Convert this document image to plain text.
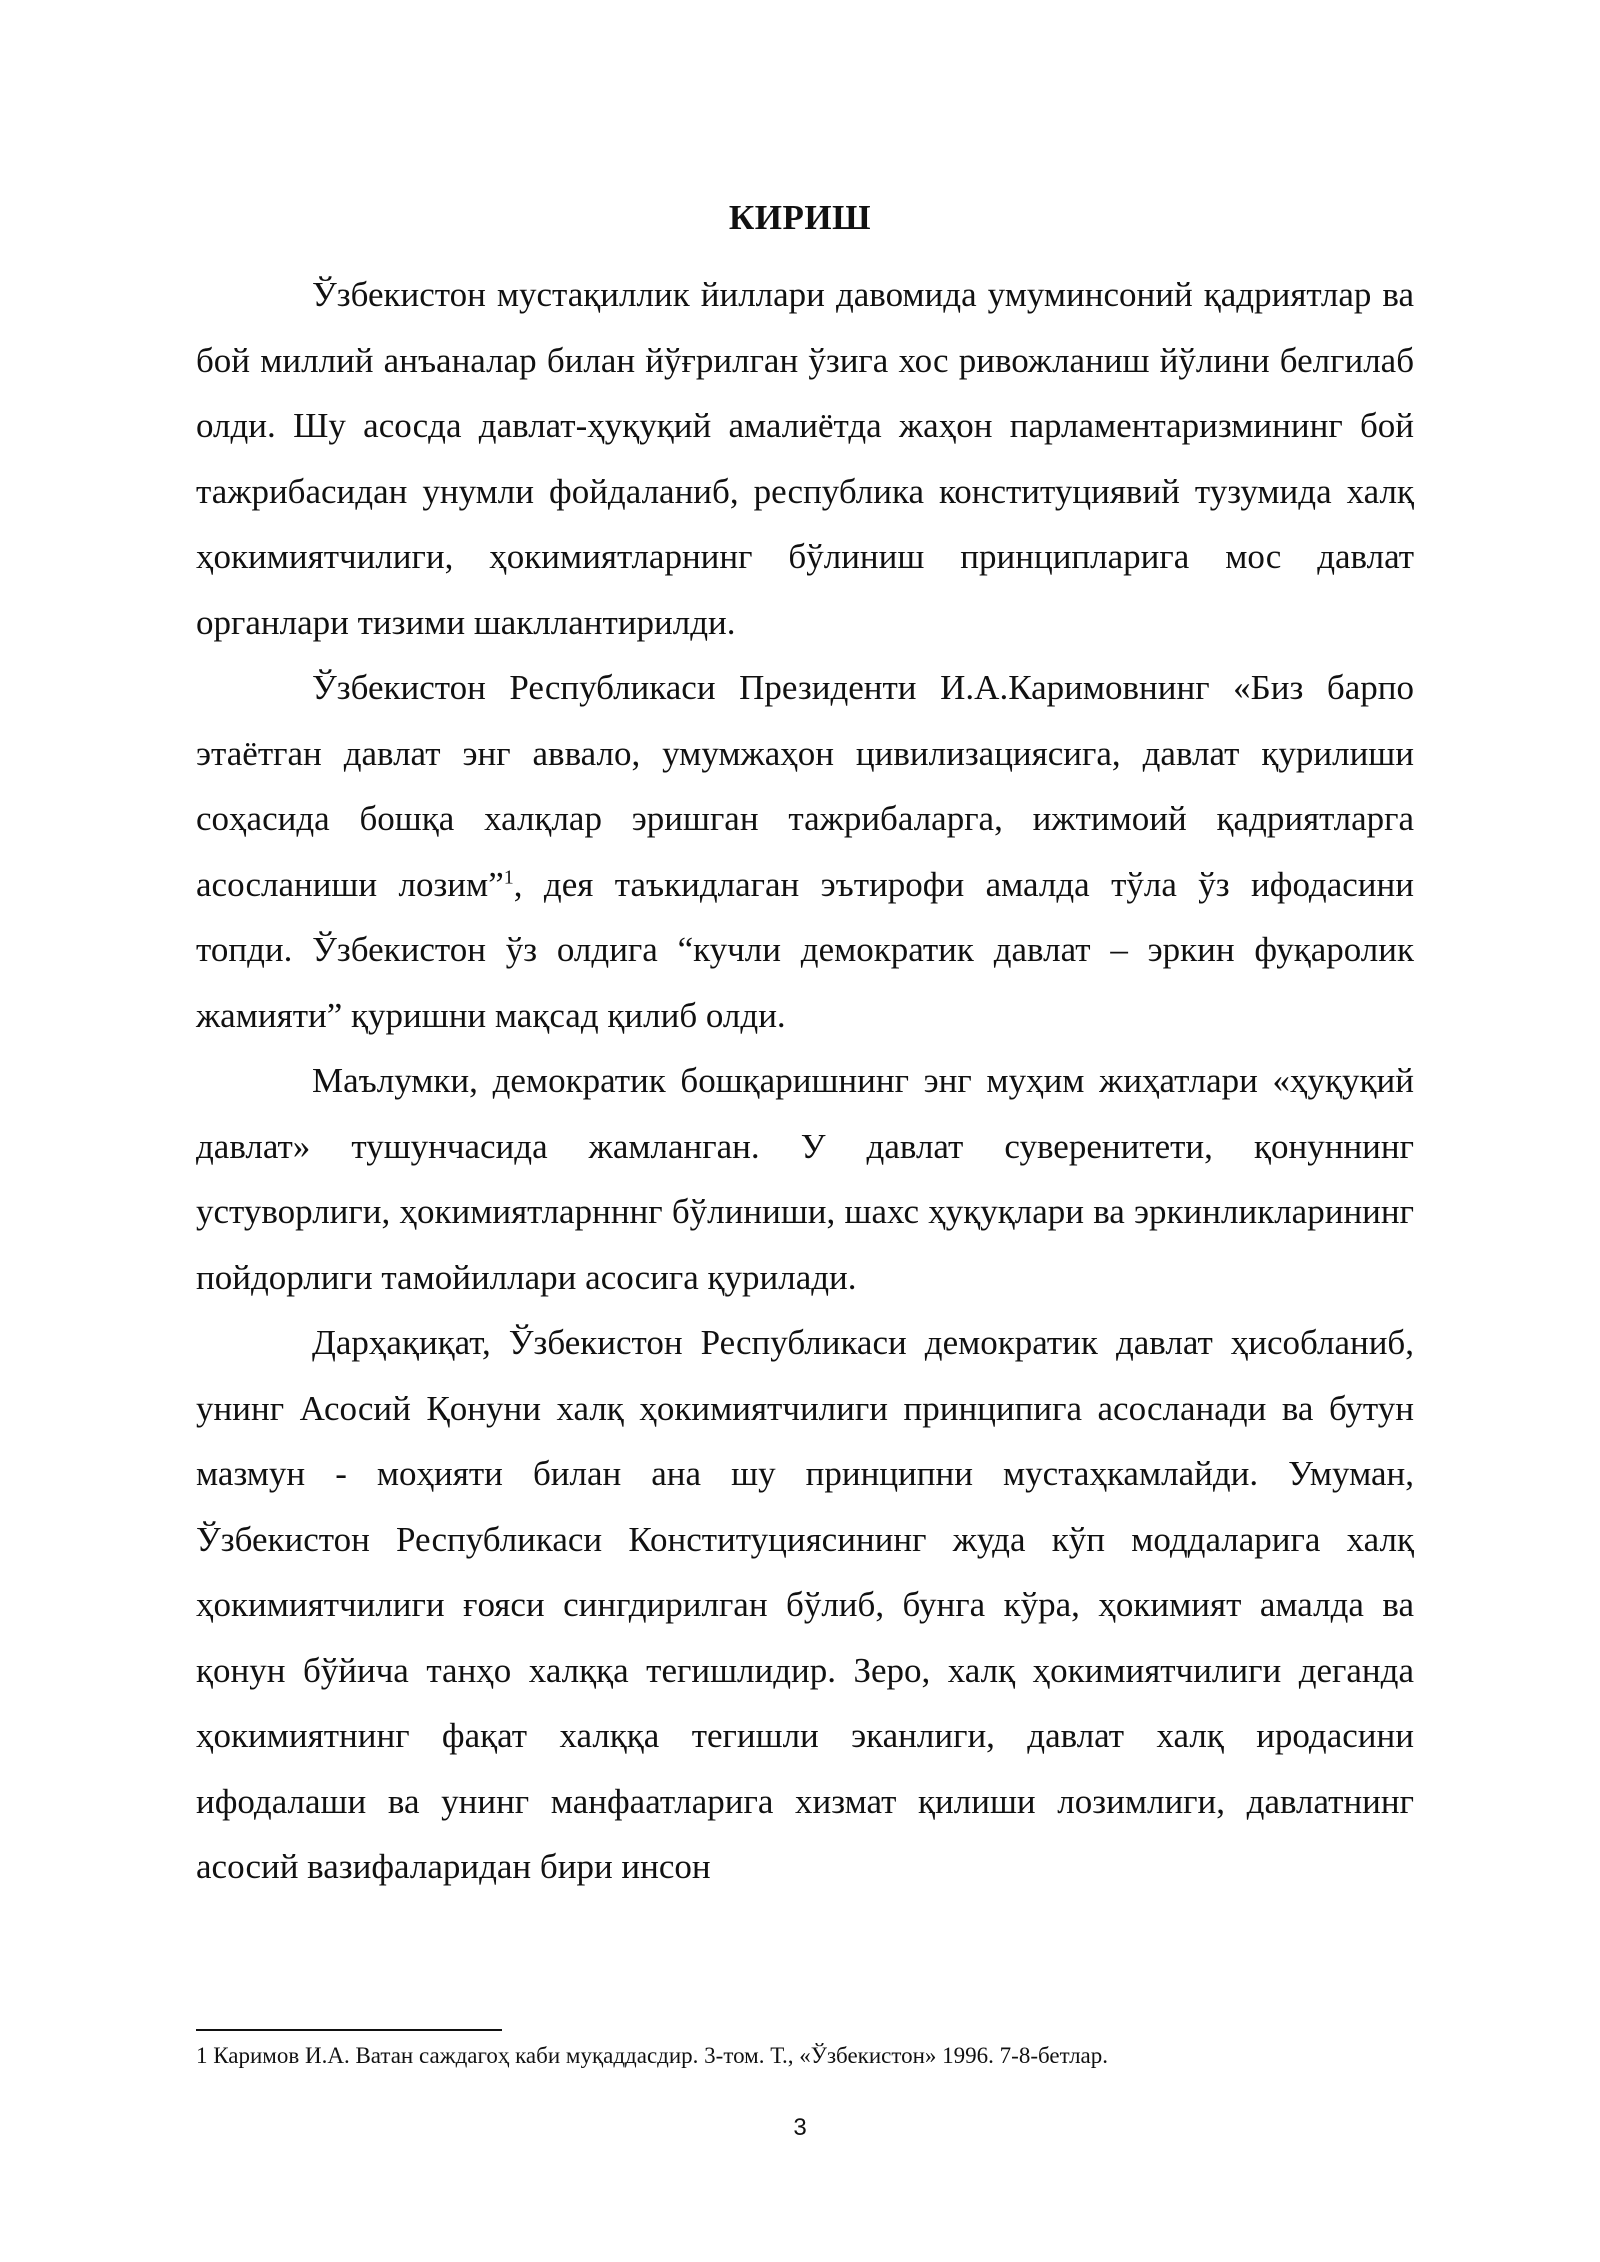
КИРИШ

Ўзбекистон мустақиллик йиллари давомида умуминсоний қадриятлар ва бой миллий анъаналар билан йўғрилган ўзига хос ривожланиш йўлини белгилаб олди. Шу асосда давлат-ҳуқуқий амалиётда жаҳон парламентаризмининг бой тажрибасидан унумли фойдаланиб, республика конституциявий тузумида халқ ҳокимиятчилиги, ҳокимиятларнинг бўлиниш принципларига мос давлат органлари тизими шакллантирилди.

Ўзбекистон Республикаси Президенти И.А.Каримовнинг «Биз барпо этаётган давлат энг аввало, умумжаҳон цивилизациясига, давлат қурилиши соҳасида бошқа халқлар эришган тажрибаларга, ижтимоий қадриятларга асосланиши лозим”$^1$, дея таъкидлаган эътирофи амалда тўла ўз ифодасини топди. Ўзбекистон ўз олдига “кучли демократик давлат – эркин фуқаролик жамияти” қуришни мақсад қилиб олди.

Маълумки, демократик бошқаришнинг энг муҳим жиҳатлари «ҳуқуқий давлат» тушунчасида жамланган. У давлат суверенитети, қонуннинг устуворлиги, ҳокимиятларнннг бўлиниши, шахс ҳуқуқлари ва эркинликларининг пойдорлиги тамойиллари асосига қурилади.

Дарҳақиқат, Ўзбекистон Республикаси демократик давлат ҳисобланиб, унинг Асосий Қонуни халқ ҳокимиятчилиги принципига асосланади ва бутун мазмун - моҳияти билан ана шу принципни мустаҳкамлайди. Умуман, Ўзбекистон Республикаси Конституциясининг жуда кўп моддаларига халқ ҳокимиятчилиги ғояси сингдирилган бўлиб, бунга кўра, ҳокимият амалда ва қонун бўйича танҳо халққа тегишлидир. Зеро, халқ ҳокимиятчилиги деганда ҳокимиятнинг фақат халққа тегишли эканлиги, давлат халқ иродасини ифодалаши ва унинг манфаатларига хизмат қилиши лозимлиги, давлатнинг асосий вазифаларидан бири инсон

1 Каримов И.А. Ватан саждагоҳ каби муқаддасдир. 3-том. Т., «Ўзбекистон» 1996. 7-8-бетлар.
3
